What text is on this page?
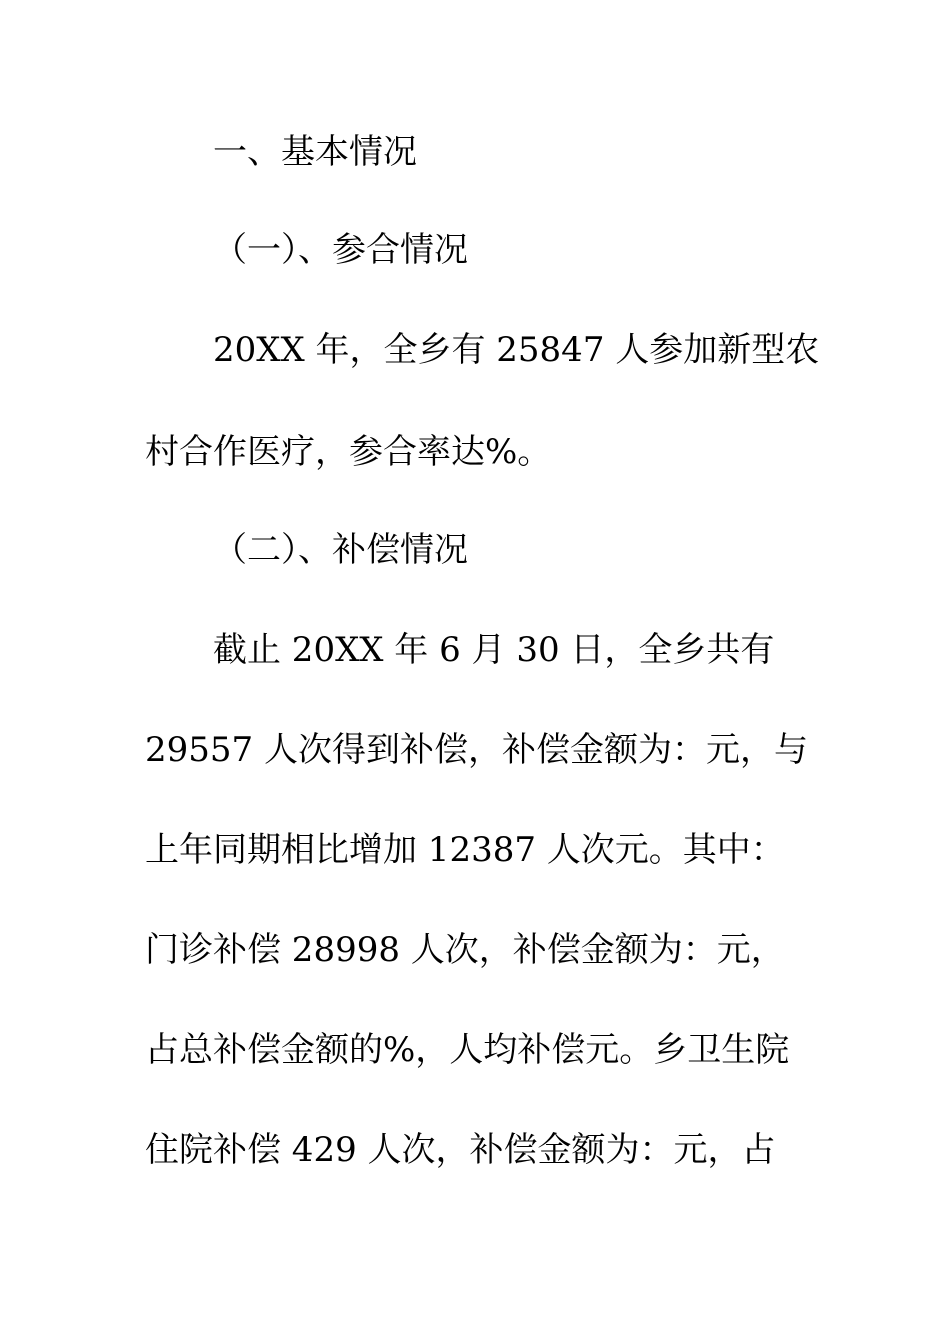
一、基本情况
（一）、参合情况
20XX 年，全乡有 25847 人参加新型农
村合作医疗，参合率达%。
（二）、补偿情况
截止 20XX 年 6 月 30 日，全乡共有
29557 人次得到补偿，补偿金额为：元，与
上年同期相比增加 12387 人次元。其中：
门诊补偿 28998 人次，补偿金额为：元，
占总补偿金额的%，人均补偿元。乡卫生院
住院补偿 429 人次，补偿金额为：元，占
